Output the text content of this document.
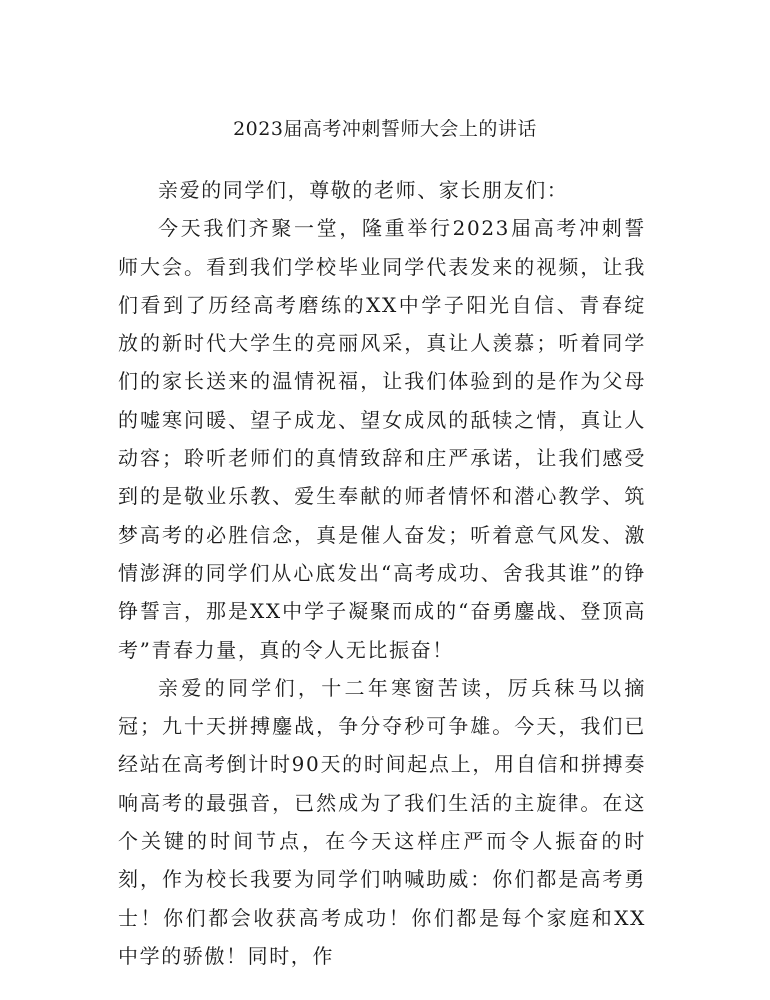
2023届高考冲刺誓师大会上的讲话

亲爱的同学们，尊敬的老师、家长朋友们：

今天我们齐聚一堂，隆重举行2023届高考冲刺誓师大会。看到我们学校毕业同学代表发来的视频，让我们看到了历经高考磨练的XX中学子阳光自信、青春绽放的新时代大学生的亮丽风采，真让人羡慕；听着同学们的家长送来的温情祝福，让我们体验到的是作为父母的嘘寒问暖、望子成龙、望女成凤的舐犊之情，真让人动容；聆听老师们的真情致辞和庄严承诺，让我们感受到的是敬业乐教、爱生奉献的师者情怀和潜心教学、筑梦高考的必胜信念，真是催人奋发；听着意气风发、激情澎湃的同学们从心底发出“高考成功、舍我其谁”的铮铮誓言，那是XX中学子凝聚而成的“奋勇鏖战、登顶高考”青春力量，真的令人无比振奋！

亲爱的同学们，十二年寒窗苦读，厉兵秣马以摘冠；九十天拼搏鏖战，争分夺秒可争雄。今天，我们已经站在高考倒计时90天的时间起点上，用自信和拼搏奏响高考的最强音，已然成为了我们生活的主旋律。在这个关键的时间节点，在今天这样庄严而令人振奋的时刻，作为校长我要为同学们呐喊助威：你们都是高考勇士！你们都会收获高考成功！你们都是每个家庭和XX中学的骄傲！同时，作
